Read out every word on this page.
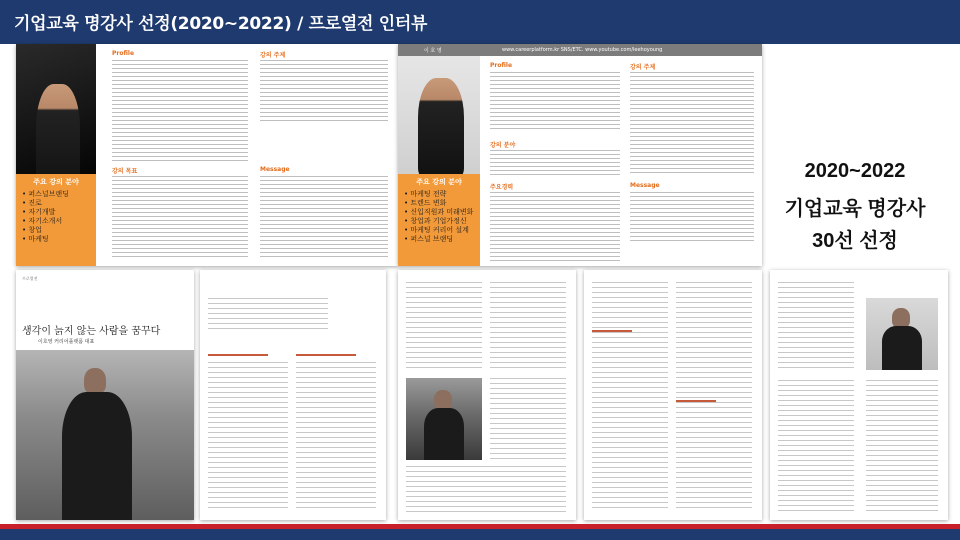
기업교육 명강사 선정(2020~2022) / 프로열전 인터뷰
주요 강의 분야
• 퍼스널브랜딩
• 진로
• 자기개발
• 자기소개서
• 창업
• 마케팅
Profile	강의 주제
강의 목표	Message
이 호 영	www.careerplatform.kr SNS/ETC. www.youtube.com/leehoyoung
주요 강의 분야
• 마케팅 전략
• 트렌드 변화
• 신입직원과 미래변화
• 창업과 기업가정신
• 마케팅 커리어 설계
• 퍼스널 브랜딩
Profile
강의 분야
주요경력
강의 주제
Message
2020~2022
기업교육 명강사
30선 선정
프로열전
생각이 늙지 않는 사람을 꿈꾸다
이호영 커리어플랫폼 대표
